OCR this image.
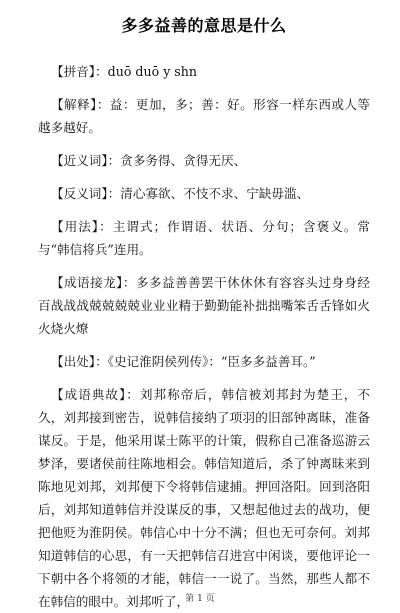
多多益善的意思是什么

【拼音】：duō duō y shn

【解释】：益：更加，多；善：好。形容一样东西或人等越多越好。

【近义词】：贪多务得、贪得无厌、

【反义词】：清心寡欲、不忮不求、宁缺毋滥、

【用法】：主谓式；作谓语、状语、分句；含褒义。常与“韩信将兵”连用。

【成语接龙】：多多益善善罢干休休休有容容头过身身经百战战战兢兢兢兢业业业精于勤勤能补拙拙嘴笨舌舌锋如火火烧火燎

【出处】：《史记淮阴侯列传》：“臣多多益善耳。”

【成语典故】：刘邦称帝后，韩信被刘邦封为楚王，不久，刘邦接到密告，说韩信接纳了项羽的旧部钟离昧，准备谋反。于是，他采用谋士陈平的计策，假称自己准备巡游云梦泽，要诸侯前往陈地相会。韩信知道后，杀了钟离昧来到陈地见刘邦，刘邦便下令将韩信逮捕。押回洛阳。回到洛阳后，刘邦知道韩信并没谋反的事，又想起他过去的战功，便把他贬为淮阴侯。韩信心中十分不满；但也无可奈何。刘邦知道韩信的心思，有一天把韩信召进宫中闲谈，要他评论一下朝中各个将领的才能，韩信一一说了。当然，那些人都不在韩信的眼中。刘邦听了，

第 1 页
